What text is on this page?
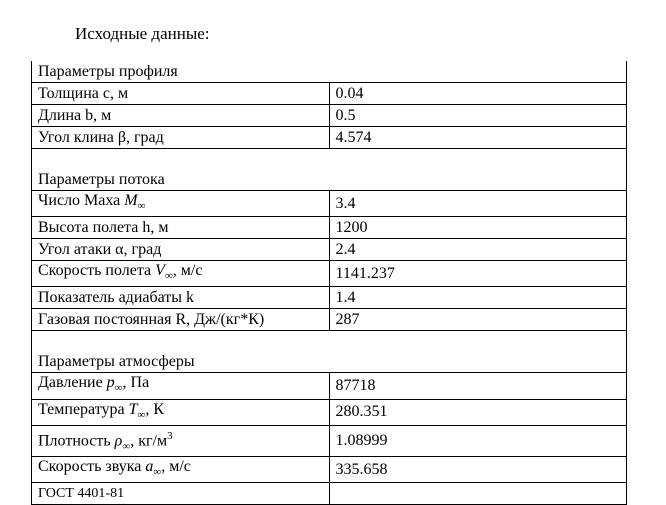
Исходные данные:
Параметры профиля	
Толщина c, м	0.04
Длина b, м	0.5
Угол клина β, град	4.574

Параметры потока	
Число Маха $M_\infty$	3.4
Высота полета h, м	1200
Угол атаки α, град	2.4
Скорость полета $V_\infty$, м/с	1141.237
Показатель адиабаты k	1.4
Газовая постоянная R, Дж/(кг*К)	287

Параметры атмосферы	
Давление $p_\infty$, Па	87718
Температура $T_\infty$, К	280.351
Плотность $\rho_\infty$, $кг/м^3$	1.08999
Скорость звука $a_\infty$, м/с	335.658
ГОСТ 4401-81	
